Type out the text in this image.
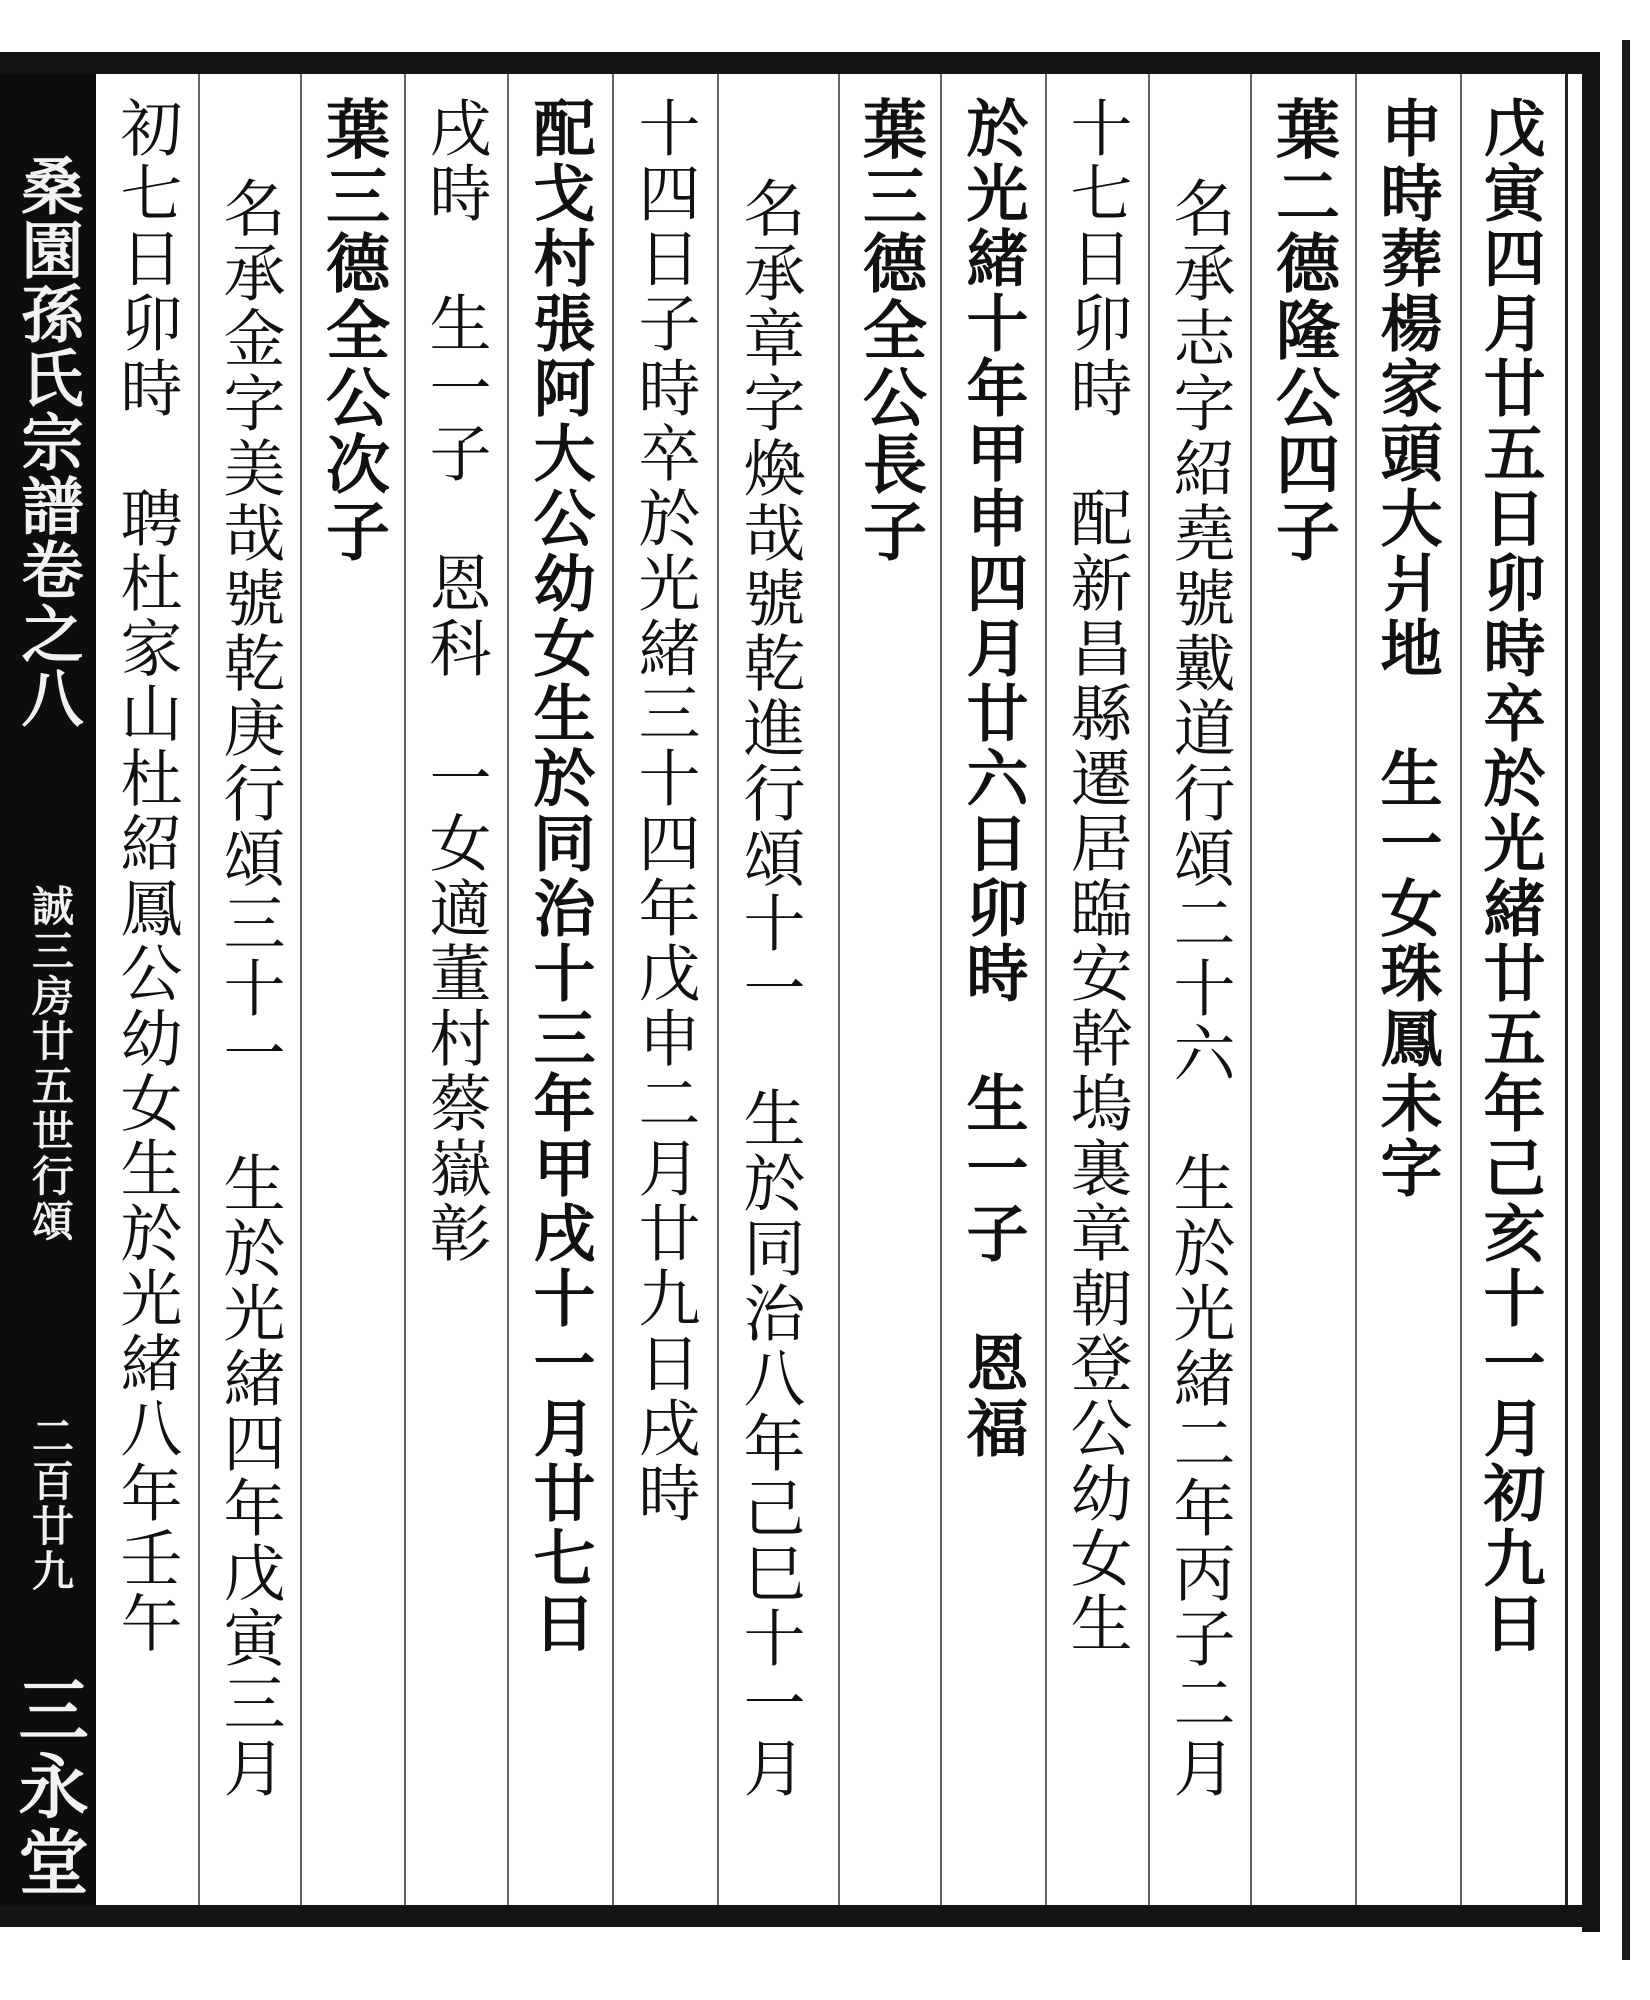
桑園孫氏宗譜卷之八
誠三房廿五世行頌
二百廿九
三永堂
戊寅四月廿五日卯時卒於光緒廿五年己亥十一月初九日
申時葬楊家頭大爿地　生一女珠鳳未字
葉二德隆公四子
名承志字紹堯號戴道行頌二十六　生於光緒二年丙子二月
十七日卯時　配新昌縣遷居臨安幹塢裏章朝登公幼女生
於光緒十年甲申四月廿六日卯時　生一子　恩福
葉三德全公長子
名承章字煥哉號乾進行頌十一　生於同治八年己巳十一月
十四日子時卒於光緒三十四年戊申二月廿九日戌時
配戈村張阿大公幼女生於同治十三年甲戌十一月廿七日
戌時　生一子　恩科　一女適董村蔡嶽彰
葉三德全公次子
名承金字美哉號乾庚行頌三十一　生於光緒四年戊寅三月
初七日卯時　聘杜家山杜紹鳳公幼女生於光緒八年壬午
